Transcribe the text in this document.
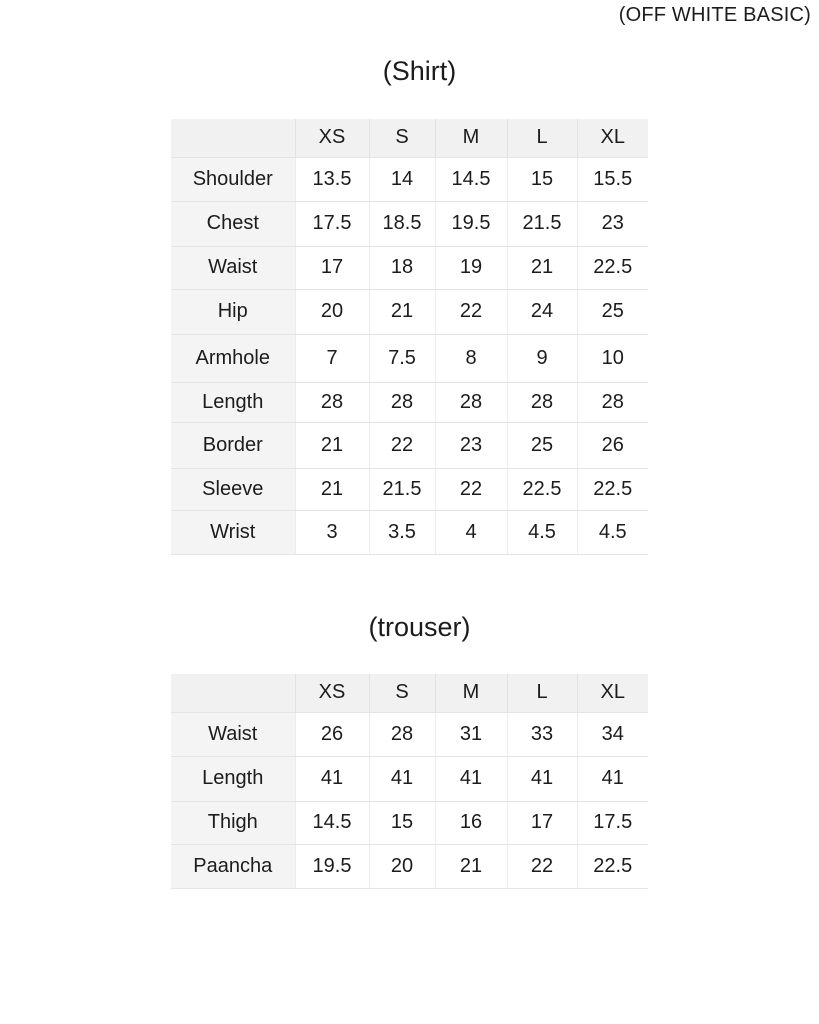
(OFF WHITE BASIC)
(Shirt)
	XS	S	M	L	XL
Shoulder	13.5	14	14.5	15	15.5
Chest	17.5	18.5	19.5	21.5	23
Waist	17	18	19	21	22.5
Hip	20	21	22	24	25
Armhole	7	7.5	8	9	10
Length	28	28	28	28	28
Border	21	22	23	25	26
Sleeve	21	21.5	22	22.5	22.5
Wrist	3	3.5	4	4.5	4.5
(trouser)
	XS	S	M	L	XL
Waist	26	28	31	33	34
Length	41	41	41	41	41
Thigh	14.5	15	16	17	17.5
Paancha	19.5	20	21	22	22.5
